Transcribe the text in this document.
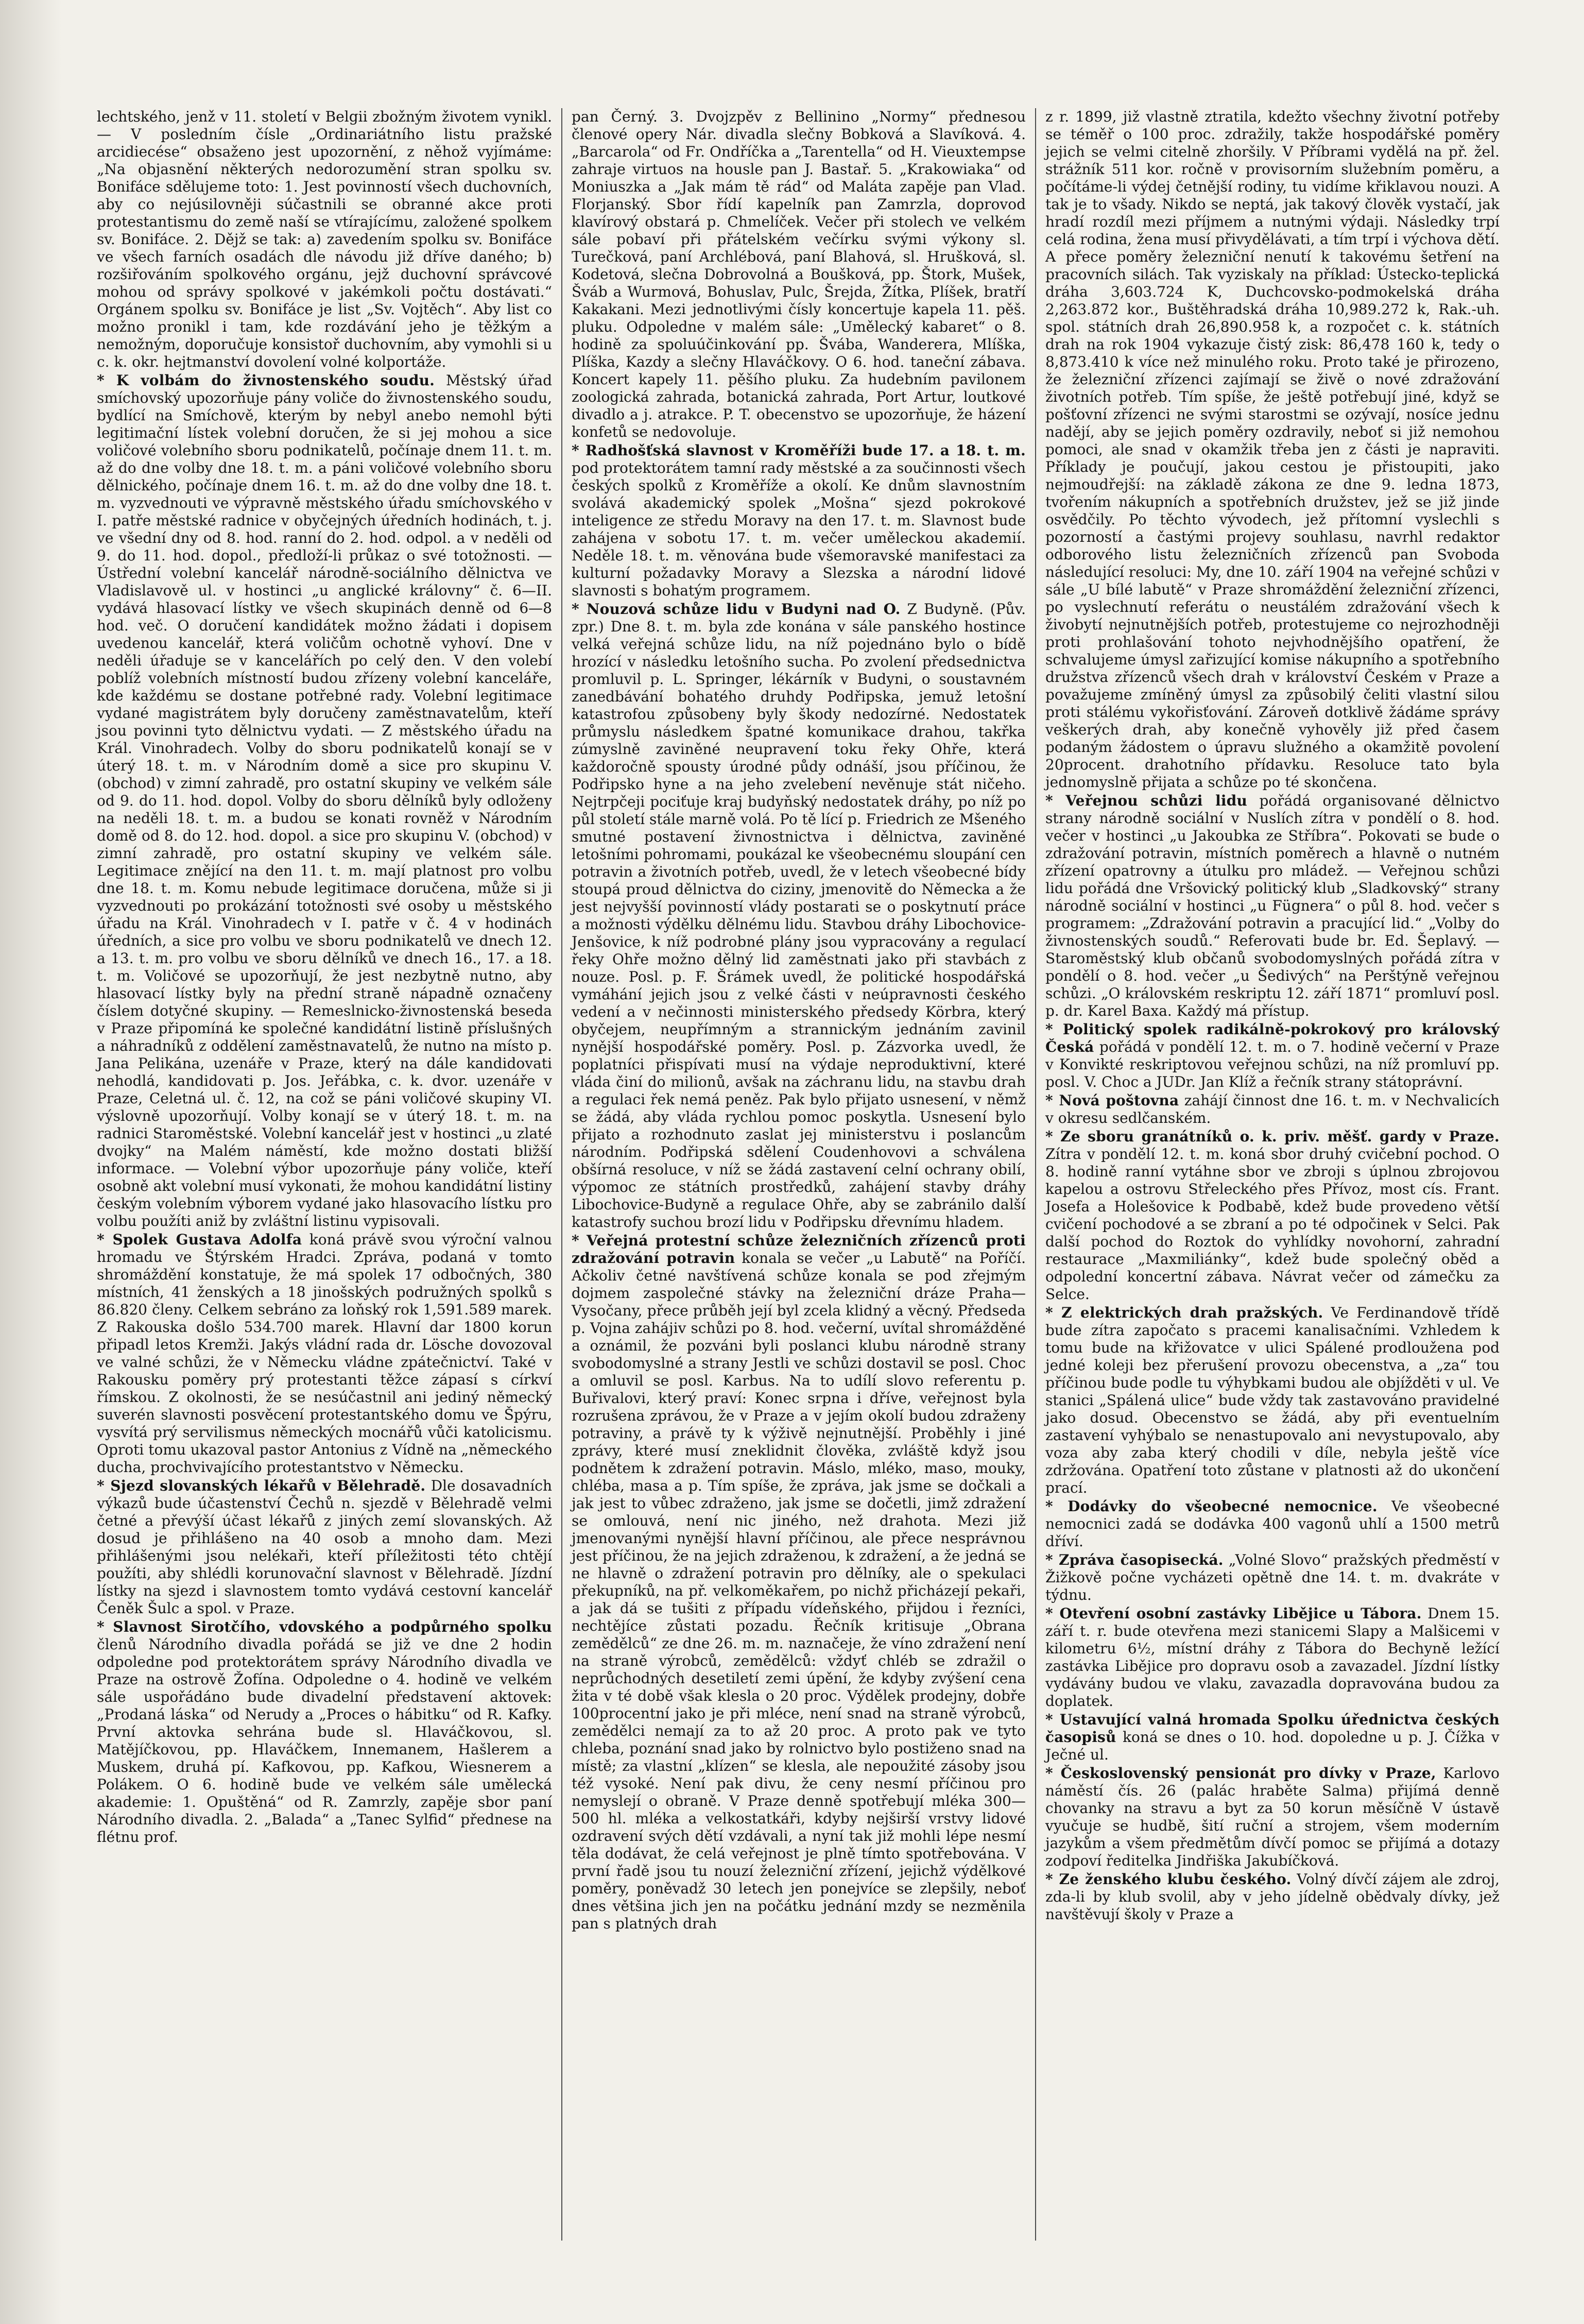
lechtského, jenž v 11. století v Belgii zbožným životem vynikl. — V posledním čísle „Ordinariátního listu pražské arcidiecése“ obsaženo jest upozornění, z něhož vyjímáme: „Na objasnění některých nedorozumění stran spolku sv. Bonifáce sdělujeme toto: 1. Jest povinností všech duchovních, aby co nejúsilovněji súčastnili se obranné akce proti protestantismu do země naší se vtírajícímu, založené spolkem sv. Bonifáce. 2. Dějž se tak: a) zavedením spolku sv. Bonifáce ve všech farních osadách dle návodu již dříve daného; b) rozšiřováním spolkového orgánu, jejž duchovní správcové mohou od správy spolkové v jakémkoli počtu dostávati.“ Orgánem spolku sv. Bonifáce je list „Sv. Vojtěch“. Aby list co možno pronikl i tam, kde rozdávání jeho je těžkým a nemožným, doporučuje konsistoř duchovním, aby vymohli si u c. k. okr. hejtmanství dovolení volné kolportáže.

* K volbám do živnostenského soudu. Městský úřad smíchovský upozorňuje pány voliče do živnostenského soudu, bydlící na Smíchově, kterým by nebyl anebo nemohl býti legitimační lístek volební doručen, že si jej mohou a sice voličové volebního sboru podnikatelů, počínaje dnem 11. t. m. až do dne volby dne 18. t. m. a páni voličové volebního sboru dělnického, počínaje dnem 16. t. m. až do dne volby dne 18. t. m. vyzvednouti ve výpravně městského úřadu smíchovského v I. patře městské radnice v obyčejných úředních hodinách, t. j. ve všední dny od 8. hod. ranní do 2. hod. odpol. a v neděli od 9. do 11. hod. dopol., předloží-li průkaz o své totožnosti. — Ústřední volební kancelář národně-sociálního dělnictva ve Vladislavově ul. v hostinci „u anglické královny“ č. 6—II. vydává hlasovací lístky ve všech skupinách denně od 6—8 hod. več. O doručení kandidátek možno žádati i dopisem uvedenou kancelář, která voličům ochotně vyhoví. Dne v neděli úřaduje se v kancelářích po celý den. V den volebí poblíž volebních místností budou zřízeny volební kanceláře, kde každému se dostane potřebné rady. Volební legitimace vydané magistrátem byly doručeny zaměstnavatelům, kteří jsou povinni tyto dělnictvu vydati. — Z městského úřadu na Král. Vinohradech. Volby do sboru podnikatelů konají se v úterý 18. t. m. v Národním domě a sice pro skupinu V. (obchod) v zimní zahradě, pro ostatní skupiny ve velkém sále od 9. do 11. hod. dopol. Volby do sboru dělníků byly odloženy na neděli 18. t. m. a budou se konati rovněž v Národním domě od 8. do 12. hod. dopol. a sice pro skupinu V. (obchod) v zimní zahradě, pro ostatní skupiny ve velkém sále. Legitimace znějící na den 11. t. m. mají platnost pro volbu dne 18. t. m. Komu nebude legitimace doručena, může si ji vyzvednouti po prokázání totožnosti své osoby u městského úřadu na Král. Vinohradech v I. patře v č. 4 v hodinách úředních, a sice pro volbu ve sboru podnikatelů ve dnech 12. a 13. t. m. pro volbu ve sboru dělníků ve dnech 16., 17. a 18. t. m. Voličové se upozorňují, že jest nezbytně nutno, aby hlasovací lístky byly na přední straně nápadně označeny číslem dotyčné skupiny. — Remeslnicko-živnostenská beseda v Praze připomíná ke společné kandidátní listině příslušných a náhradníků z oddělení zaměstnavatelů, že nutno na místo p. Jana Pelikána, uzenáře v Praze, který na dále kandidovati nehodlá, kandidovati p. Jos. Jeřábka, c. k. dvor. uzenáře v Praze, Celetná ul. č. 12, na což se páni voličové skupiny VI. výslovně upozorňují. Volby konají se v úterý 18. t. m. na radnici Staroměstské. Volební kancelář jest v hostinci „u zlaté dvojky“ na Malém náměstí, kde možno dostati bližší informace. — Volební výbor upozorňuje pány voliče, kteří osobně akt volební musí vykonati, že mohou kandidátní listiny českým volebním výborem vydané jako hlasovacího lístku pro volbu použíti aniž by zvláštní listinu vypisovali.

* Spolek Gustava Adolfa koná právě svou výroční valnou hromadu ve Štýrském Hradci. Zpráva, podaná v tomto shromáždění konstatuje, že má spolek 17 odbočných, 380 místních, 41 ženských a 18 jinošských podružných spolků s 86.820 členy. Celkem sebráno za loňský rok 1,591.589 marek. Z Rakouska došlo 534.700 marek. Hlavní dar 1800 korun připadl letos Kremži. Jakýs vládní rada dr. Lösche dovozoval ve valné schůzi, že v Německu vládne zpátečnictví. Také v Rakousku poměry prý protestanti těžce zápasí s církví římskou. Z okolnosti, že se nesúčastnil ani jediný německý suverén slavnosti posvěcení protestantského domu ve Špýru, vysvítá prý servilismus německých mocnářů vůči katolicismu. Oproti tomu ukazoval pastor Antonius z Vídně na „německého ducha, prochvivajícího protestantstvo v Německu.

* Sjezd slovanských lékařů v Bělehradě. Dle dosavadních výkazů bude účastenství Čechů n. sjezdě v Bělehradě velmi četné a převýší účast lékařů z jiných zemí slovanských. Až dosud je přihlášeno na 40 osob a mnoho dam. Mezi přihlášenými jsou nelékaři, kteří příležitosti této chtějí použíti, aby shlédli korunovační slavnost v Bělehradě. Jízdní lístky na sjezd i slavnostem tomto vydává cestovní kancelář Čeněk Šulc a spol. v Praze.

* Slavnost Sirotčího, vdovského a podpůrného spolku členů Národního divadla pořádá se již ve dne 2 hodin odpoledne pod protektorátem správy Národního divadla ve Praze na ostrově Žofína. Odpoledne o 4. hodině ve velkém sále uspořádáno bude divadelní představení aktovek: „Prodaná láska“ od Nerudy a „Proces o hábitku“ od R. Kafky. První aktovka sehrána bude sl. Hlaváčkovou, sl. Matějíčkovou, pp. Hlaváčkem, Innemanem, Hašlerem a Muskem, druhá pí. Kafkovou, pp. Kafkou, Wiesnerem a Polákem. O 6. hodině bude ve velkém sále umělecká akademie: 1. Opuštěná“ od R. Zamrzly, zapěje sbor paní Národního divadla. 2. „Balada“ a „Tanec Sylfid“ přednese na flétnu prof.

pan Černý. 3. Dvojzpěv z Bellinino „Normy“ přednesou členové opery Nár. divadla slečny Bobková a Slavíková. 4. „Barcarola“ od Fr. Ondříčka a „Tarentella“ od H. Vieuxtempse zahraje virtuos na housle pan J. Bastař. 5. „Krakowiaka“ od Moniuszka a „Jak mám tě rád“ od Maláta zapěje pan Vlad. Florjanský. Sbor řídí kapelník pan Zamrzla, doprovod klavírový obstará p. Chmelíček. Večer při stolech ve velkém sále pobaví při přátelském večírku svými výkony sl. Turečková, paní Archlébová, paní Blahová, sl. Hrušková, sl. Kodetová, slečna Dobrovolná a Boušková, pp. Štork, Mušek, Šváb a Wurmová, Bohuslav, Pulc, Šrejda, Žítka, Plíšek, bratří Kakakani. Mezi jednotlivými čísly koncertuje kapela 11. pěš. pluku. Odpoledne v malém sále: „Umělecký kabaret“ o 8. hodině za spoluúčinkování pp. Švába, Wanderera, Mlíška, Plíška, Kazdy a slečny Hlaváčkovy. O 6. hod. taneční zábava. Koncert kapely 11. pěšího pluku. Za hudebním pavilonem zoologická zahrada, botanická zahrada, Port Artur, loutkové divadlo a j. atrakce. P. T. obecenstvo se upozorňuje, že házení konfetů se nedovoluje.

* Radhošťská slavnost v Kroměříži bude 17. a 18. t. m. pod protektorátem tamní rady městské a za součinnosti všech českých spolků z Kroměříže a okolí. Ke dnům slavnostním svolává akademický spolek „Mošna“ sjezd pokrokové inteligence ze středu Moravy na den 17. t. m. Slavnost bude zahájena v sobotu 17. t. m. večer uměleckou akademií. Neděle 18. t. m. věnována bude všemoravské manifestaci za kulturní požadavky Moravy a Slezska a národní lidové slavnosti s bohatým programem.

* Nouzová schůze lidu v Budyni nad O. Z Budyně. (Pův. zpr.) Dne 8. t. m. byla zde konána v sále panského hostince velká veřejná schůze lidu, na níž pojednáno bylo o bídě hrozící v následku letošního sucha. Po zvolení předsednictva promluvil p. L. Springer, lékárník v Budyni, o soustavném zanedbávání bohatého druhdy Podřipska, jemuž letošní katastrofou způsobeny byly škody nedozírné. Nedostatek průmyslu následkem špatné komunikace drahou, takřka zúmyslně zaviněné neupravení toku řeky Ohře, která každoročně spousty úrodné půdy odnáší, jsou příčinou, že Podřipsko hyne a na jeho zvelebení nevěnuje stát ničeho. Nejtrpčeji pociťuje kraj budyňský nedostatek dráhy, po níž po půl století stále marně volá. Po tě lící p. Friedrich ze Mšeného smutné postavení živnostnictva i dělnictva, zaviněné letošními pohromami, poukázal ke všeobecnému sloupání cen potravin a životních potřeb, uvedl, že v letech všeobecné bídy stoupá proud dělnictva do ciziny, jmenovitě do Německa a že jest nejvyšší povinností vlády postarati se o poskytnutí práce a možnosti výdělku dělnému lidu. Stavbou dráhy Libochovice-Jenšovice, k níž podrobné plány jsou vypracovány a regulací řeky Ohře možno dělný lid zaměstnati jako při stavbách z nouze. Posl. p. F. Šrámek uvedl, že politické hospodářská vymáhání jejich jsou z velké části v neúpravnosti českého vedení a v nečinnosti ministerského předsedy Körbra, který obyčejem, neupřímným a strannickým jednáním zavinil nynější hospodářské poměry. Posl. p. Zázvorka uvedl, že poplatníci přispívati musí na výdaje neproduktivní, které vláda činí do milionů, avšak na záchranu lidu, na stavbu drah a regulaci řek nemá peněz. Pak bylo přijato usnesení, v němž se žádá, aby vláda rychlou pomoc poskytla. Usnesení bylo přijato a rozhodnuto zaslat jej ministerstvu i poslancům národním. Podřipská sdělení Coudenhovovi a schválena obšírná resoluce, v níž se žádá zastavení celní ochrany obilí, výpomoc ze státních prostředků, zahájení stavby dráhy Libochovice-Budyně a regulace Ohře, aby se zabránilo další katastrofy suchou brozí lidu v Podřipsku dřevnímu hladem.

* Veřejná protestní schůze železničních zřízenců proti zdražování potravin konala se večer „u Labutě“ na Poříčí. Ačkoliv četné navštívená schůze konala se pod zřejmým dojmem zaspolečné stávky na železniční dráze Praha—Vysočany, přece průběh její byl zcela klidný a věcný. Předseda p. Vojna zahájiv schůzi po 8. hod. večerní, uvítal shromážděné a oznámil, že pozváni byli poslanci klubu národně strany svobodomyslné a strany Jestli ve schůzi dostavil se posl. Choc a omluvil se posl. Karbus. Na to udílí slovo referentu p. Buřivalovi, který praví: Konec srpna i dříve, veřejnost byla rozrušena zprávou, že v Praze a v jejím okolí budou zdraženy potraviny, a právě ty k výživě nejnutnější. Proběhly i jiné zprávy, které musí zneklidnit člověka, zvláště když jsou podnětem k zdražení potravin. Máslo, mléko, maso, mouky, chléba, masa a p. Tím spíše, že zpráva, jak jsme se dočkali a jak jest to vůbec zdraženo, jak jsme se dočetli, jimž zdražení se omlouvá, není nic jiného, než drahota. Mezi již jmenovanými nynější hlavní příčinou, ale přece nesprávnou jest příčinou, že na jejich zdraženou, k zdražení, a že jedná se ne hlavně o zdražení potravin pro dělníky, ale o spekulaci překupníků, na př. velkoměkařem, po nichž přicházejí pekaři, a jak dá se tušiti z případu vídeňského, přijdou i řezníci, nechtějíce zůstati pozadu. Řečník kritisuje „Obrana zemědělců“ ze dne 26. m. m. naznačeje, že víno zdražení není na straně výrobců, zemědělců: vždyť chléb se zdražil o neprůchodných desetiletí zemi úpění, že kdyby zvýšení cena žita v té době však klesla o 20 proc. Výdělek prodejny, dobře 100procentní jako je při mléce, není snad na straně výrobců, zemědělci nemají za to až 20 proc. A proto pak ve tyto chleba, poznání snad jako by rolnictvo bylo postiženo snad na místě; za vlastní „klízen“ se klesla, ale nepoužité zásoby jsou též vysoké. Není pak divu, že ceny nesmí příčinou pro nemyslejí o obraně. V Praze denně spotřebují mléka 300—500 hl. mléka a velkostatkáři, kdyby nejširší vrstvy lidové ozdravení svých dětí vzdávali, a nyní tak již mohli lépe nesmí těla dodávat, že celá veřejnost je plně tímto spotřebována. V první řadě jsou tu nouzí železniční zřízení, jejichž výdělkové poměry, poněvadž 30 letech jen ponejvíce se zlepšily, neboť dnes většina jich jen na počátku jednání mzdy se nezměnila pan s platných drah

z r. 1899, již vlastně ztratila, kdežto všechny životní potřeby se téměř o 100 proc. zdražily, takže hospodářské poměry jejich se velmi citelně zhoršily. V Příbrami vydělá na př. žel. strážník 511 kor. ročně v provisorním služebním poměru, a počítáme-li výdej četnější rodiny, tu vidíme křiklavou nouzi. A tak je to všady. Nikdo se neptá, jak takový člověk vystačí, jak hradí rozdíl mezi příjmem a nutnými výdaji. Následky trpí celá rodina, žena musí přivydělávati, a tím trpí i výchova dětí. A přece poměry železniční nenutí k takovému šetření na pracovních silách. Tak vyziskaly na příklad: Ústecko-teplická dráha 3,603.724 K, Duchcovsko-podmokelská dráha 2,263.872 kor., Buštěhradská dráha 10,989.272 k, Rak.-uh. spol. státních drah 26,890.958 k, a rozpočet c. k. státních drah na rok 1904 vykazuje čistý zisk: 86,478 160 k, tedy o 8,873.410 k více než minulého roku. Proto také je přirozeno, že železniční zřízenci zajímají se živě o nové zdražování životních potřeb. Tím spíše, že ještě potřebují jiné, když se pošťovní zřízenci ne svými starostmi se ozývají, nosíce jednu nadějí, aby se jejich poměry ozdravily, neboť si již nemohou pomoci, ale snad v okamžik třeba jen z části je napraviti. Příklady je poučují, jakou cestou je přistoupiti, jako nejmoudřejší: na základě zákona ze dne 9. ledna 1873, tvořením nákupních a spotřebních družstev, jež se již jinde osvědčily. Po těchto vývodech, jež přítomní vyslechli s pozorností a častými projevy souhlasu, navrhl redaktor odborového listu železničních zřízenců pan Svoboda následující resoluci: My, dne 10. září 1904 na veřejné schůzi v sále „U bílé labutě“ v Praze shromáždění železniční zřízenci, po vyslechnutí referátu o neustálém zdražování všech k živobytí nejnutnějších potřeb, protestujeme co nejrozhodněji proti prohlašování tohoto nejvhodnějšího opatření, že schvalujeme úmysl zařizující komise nákupního a spotřebního družstva zřízenců všech drah v království Českém v Praze a považujeme zmíněný úmysl za způsobilý čeliti vlastní silou proti stálému vykořisťování. Zároveň dotklivě žádáme správy veškerých drah, aby konečně vyhověly již před časem podaným žádostem o úpravu služného a okamžitě povolení 20procent. drahotního přídavku. Resoluce tato byla jednomyslně přijata a schůze po té skončena.

* Veřejnou schůzi lidu pořádá organisované dělnictvo strany národně sociální v Nuslích zítra v pondělí o 8. hod. večer v hostinci „u Jakoubka ze Stříbra“. Pokovati se bude o zdražování potravin, místních poměrech a hlavně o nutném zřízení opatrovny a útulku pro mládež. — Veřejnou schůzi lidu pořádá dne Vršovický politický klub „Sladkovský“ strany národně sociální v hostinci „u Fügnera“ o půl 8. hod. večer s programem: „Zdražování potravin a pracující lid.“ „Volby do živnostenských soudů.“ Referovati bude br. Ed. Šeplavý. — Staroměstský klub občanů svobodomyslných pořádá zítra v pondělí o 8. hod. večer „u Šedivých“ na Perštýně veřejnou schůzi. „O královském reskriptu 12. září 1871“ promluví posl. p. dr. Karel Baxa. Každý má přístup.

* Politický spolek radikálně-pokrokový pro královský Česká pořádá v pondělí 12. t. m. o 7. hodině večerní v Praze v Konvikté reskriptovou veřejnou schůzi, na níž promluví pp. posl. V. Choc a JUDr. Jan Klíž a řečník strany státoprávní.

* Nová poštovna zahájí činnost dne 16. t. m. v Nechvalicích v okresu sedlčanském.

* Ze sboru granátníků o. k. priv. měšť. gardy v Praze. Zítra v pondělí 12. t. m. koná sbor druhý cvičební pochod. O 8. hodině ranní vytáhne sbor ve zbroji s úplnou zbrojovou kapelou a ostrovu Střeleckého přes Přívoz, most cís. Frant. Josefa a Holešovice k Podbabě, kdež bude provedeno větší cvičení pochodové a se zbraní a po té odpočinek v Selci. Pak další pochod do Roztok do vyhlídky novohorní, zahradní restaurace „Maxmiliánky“, kdež bude společný oběd a odpolední koncertní zábava. Návrat večer od zámečku za Selce.

* Z elektrických drah pražských. Ve Ferdinandově třídě bude zítra započato s pracemi kanalisačními. Vzhledem k tomu bude na křižovatce v ulici Spálené prodloužena pod jedné koleji bez přerušení provozu obecenstva, a „za“ tou příčinou bude podle tu výhybkami budou ale objížděti v ul. Ve stanici „Spálená ulice“ bude vždy tak zastavováno pravidelné jako dosud. Obecenstvo se žádá, aby při eventuelním zastavení vyhýbalo se nenastupovalo ani nevystupovalo, aby voza aby zaba který chodili v díle, nebyla ještě více zdržována. Opatření toto zůstane v platnosti až do ukončení prací.

* Dodávky do všeobecné nemocnice. Ve všeobecné nemocnici zadá se dodávka 400 vagonů uhlí a 1500 metrů dříví.

* Zpráva časopisecká. „Volné Slovo“ pražských předměstí v Žižkově počne vycházeti opětně dne 14. t. m. dvakráte v týdnu.

* Otevření osobní zastávky Libějice u Tábora. Dnem 15. září t. r. bude otevřena mezi stanicemi Slapy a Malšicemi v kilometru 6½, místní dráhy z Tábora do Bechyně ležící zastávka Libějice pro dopravu osob a zavazadel. Jízdní lístky vydávány budou ve vlaku, zavazadla dopravována budou za doplatek.

* Ustavující valná hromada Spolku úřednictva českých časopisů koná se dnes o 10. hod. dopoledne u p. J. Čížka v Ječné ul.

* Československý pensionát pro dívky v Praze, Karlovo náměstí čís. 26 (palác hraběte Salma) přijímá denně chovanky na stravu a byt za 50 korun měsíčně V ústavě vyučuje se hudbě, šití ruční a strojem, všem moderním jazykům a všem předmětům dívčí pomoc se přijímá a dotazy zodpoví ředitelka Jindřiška Jakubíčková.

* Ze ženského klubu českého. Volný dívčí zájem ale zdroj, zda-li by klub svolil, aby v jeho jídelně obědvaly dívky, jež navštěvují školy v Praze a
